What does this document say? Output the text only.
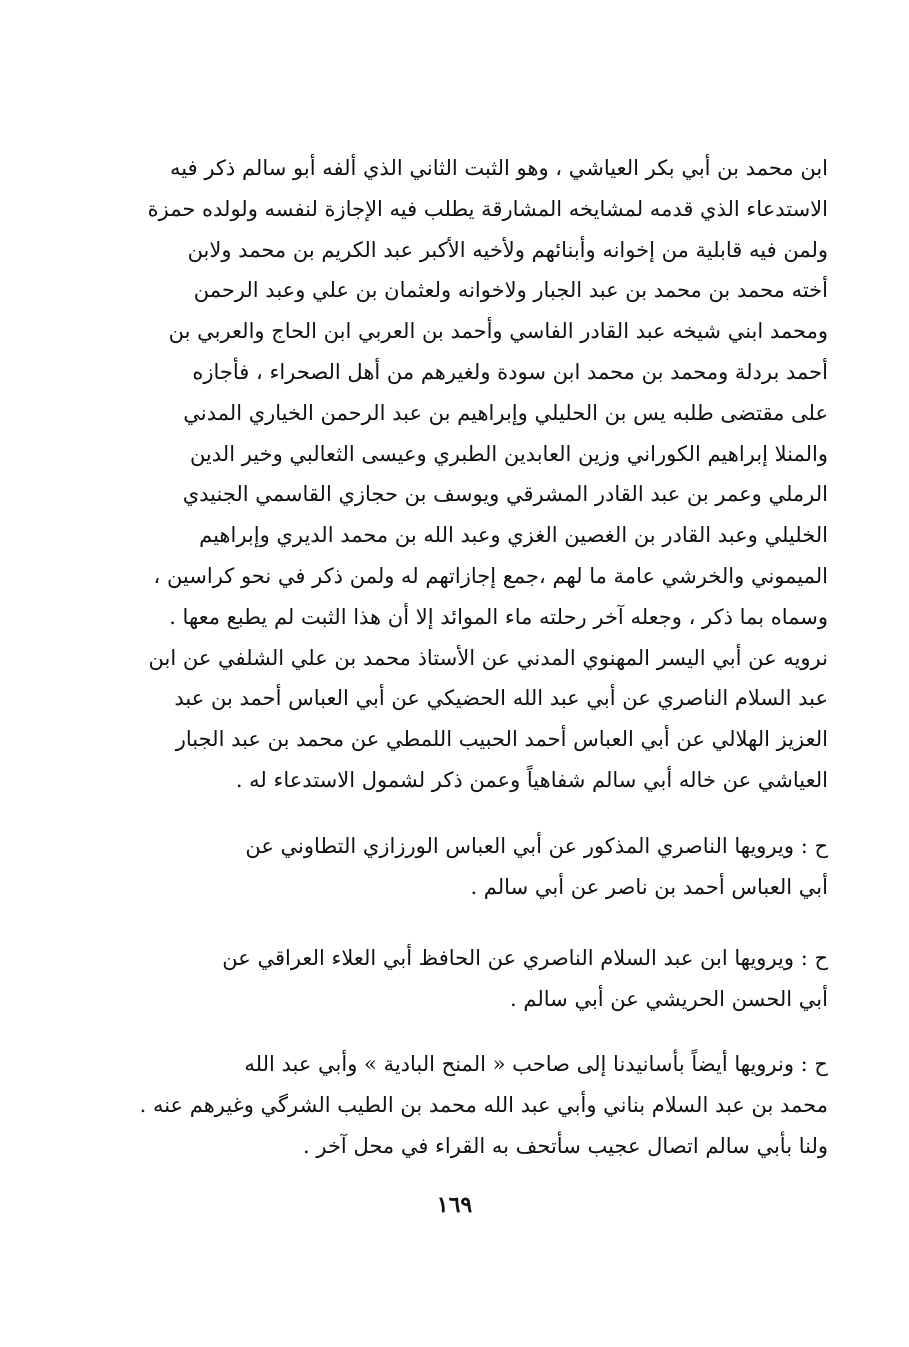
ابن محمد بن أبي بكر العياشي ، وهو الثبت الثاني الذي ألفه أبو سالم ذكر فيه
الاستدعاء الذي قدمه لمشايخه المشارقة يطلب فيه الإجازة لنفسه ولولده حمزة
ولمن فيه قابلية من إخوانه وأبنائهم ولأخيه الأكبر عبد الكريم بن محمد ولابن
أخته محمد بن محمد بن عبد الجبار ولاخوانه ولعثمان بن علي وعبد الرحمن
ومحمد ابني شيخه عبد القادر الفاسي وأحمد بن العربي ابن الحاج والعربي بن
أحمد بردلة ومحمد بن محمد ابن سودة ولغيرهم من أهل الصحراء ، فأجازه
على مقتضى طلبه يس بن الحليلي وإبراهيم بن عبد الرحمن الخياري المدني
والمنلا إبراهيم الكوراني وزين العابدين الطبري وعيسى الثعالبي وخير الدين
الرملي وعمر بن عبد القادر المشرقي ويوسف بن حجازي القاسمي الجنيدي
الخليلي وعبد القادر بن الغصين الغزي وعبد الله بن محمد الديري وإبراهيم
الميموني والخرشي عامة ما لهم ،جمع إجازاتهم له ولمن ذكر في نحو كراسين ،
وسماه بما ذكر ، وجعله آخر رحلته ماء الموائد إلا أن هذا الثبت لم يطبع معها .
نرويه عن أبي اليسر المهنوي المدني عن الأستاذ محمد بن علي الشلفي عن ابن
عبد السلام الناصري عن أبي عبد الله الحضيكي عن أبي العباس أحمد بن عبد
العزيز الهلالي عن أبي العباس أحمد الحبيب اللمطي عن محمد بن عبد الجبار
العياشي عن خاله أبي سالم شفاهياً وعمن ذكر لشمول الاستدعاء له .
ح : ويرويها الناصري المذكور عن أبي العباس الورزازي التطاوني عن
أبي العباس أحمد بن ناصر عن أبي سالم .
ح : ويرويها ابن عبد السلام الناصري عن الحافظ أبي العلاء العراقي عن
أبي الحسن الحريشي عن أبي سالم .
ح : ونرويها أيضاً بأسانيدنا إلى صاحب « المنح البادية » وأبي عبد الله
محمد بن عبد السلام بناني وأبي عبد الله محمد بن الطيب الشرگي وغيرهم عنه .
ولنا بأبي سالم اتصال عجيب سأتحف به القراء في محل آخر .
١٦٩
